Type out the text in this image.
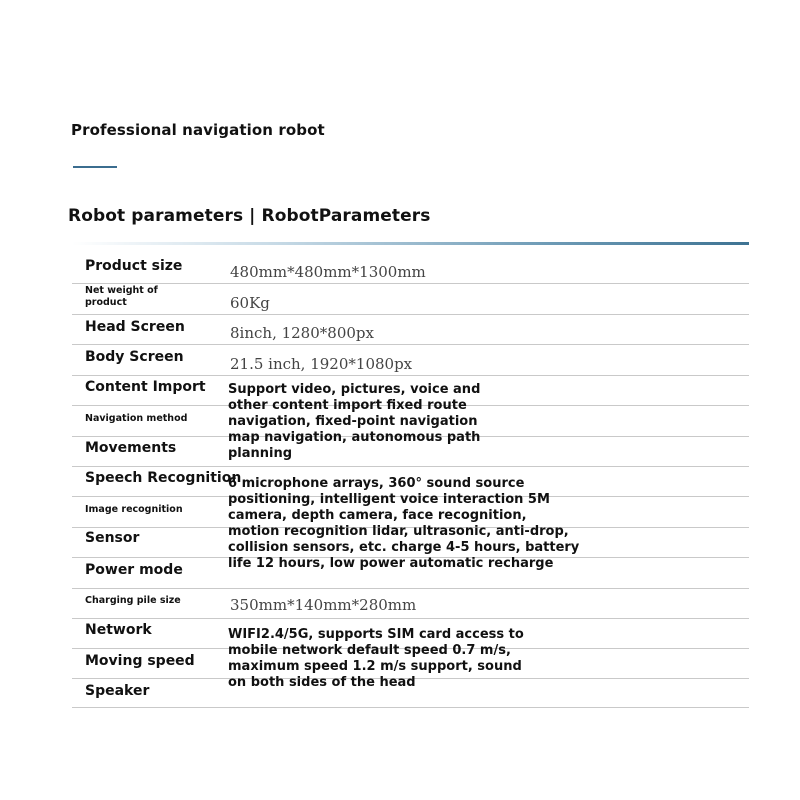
Professional navigation robot
Robot parameters | RobotParameters
Product size
Net weight of
product
Head Screen
Body Screen
Content Import
Navigation method
Movements
Speech Recognition
Image recognition
Sensor
Power mode
Charging pile size
Network
Moving speed
Speaker
480mm*480mm*1300mm
60Kg
8inch, 1280*800px
21.5 inch, 1920*1080px
Support video, pictures, voice and
other content import fixed route
navigation, fixed-point navigation
map navigation, autonomous path
planning
6 microphone arrays, 360° sound source
positioning, intelligent voice interaction 5M
camera, depth camera, face recognition,
motion recognition lidar, ultrasonic, anti-drop,
collision sensors, etc. charge 4-5 hours, battery
life 12 hours, low power automatic recharge
350mm*140mm*280mm
WIFI2.4/5G, supports SIM card access to
mobile network default speed 0.7 m/s,
maximum speed 1.2 m/s support, sound
on both sides of the head
